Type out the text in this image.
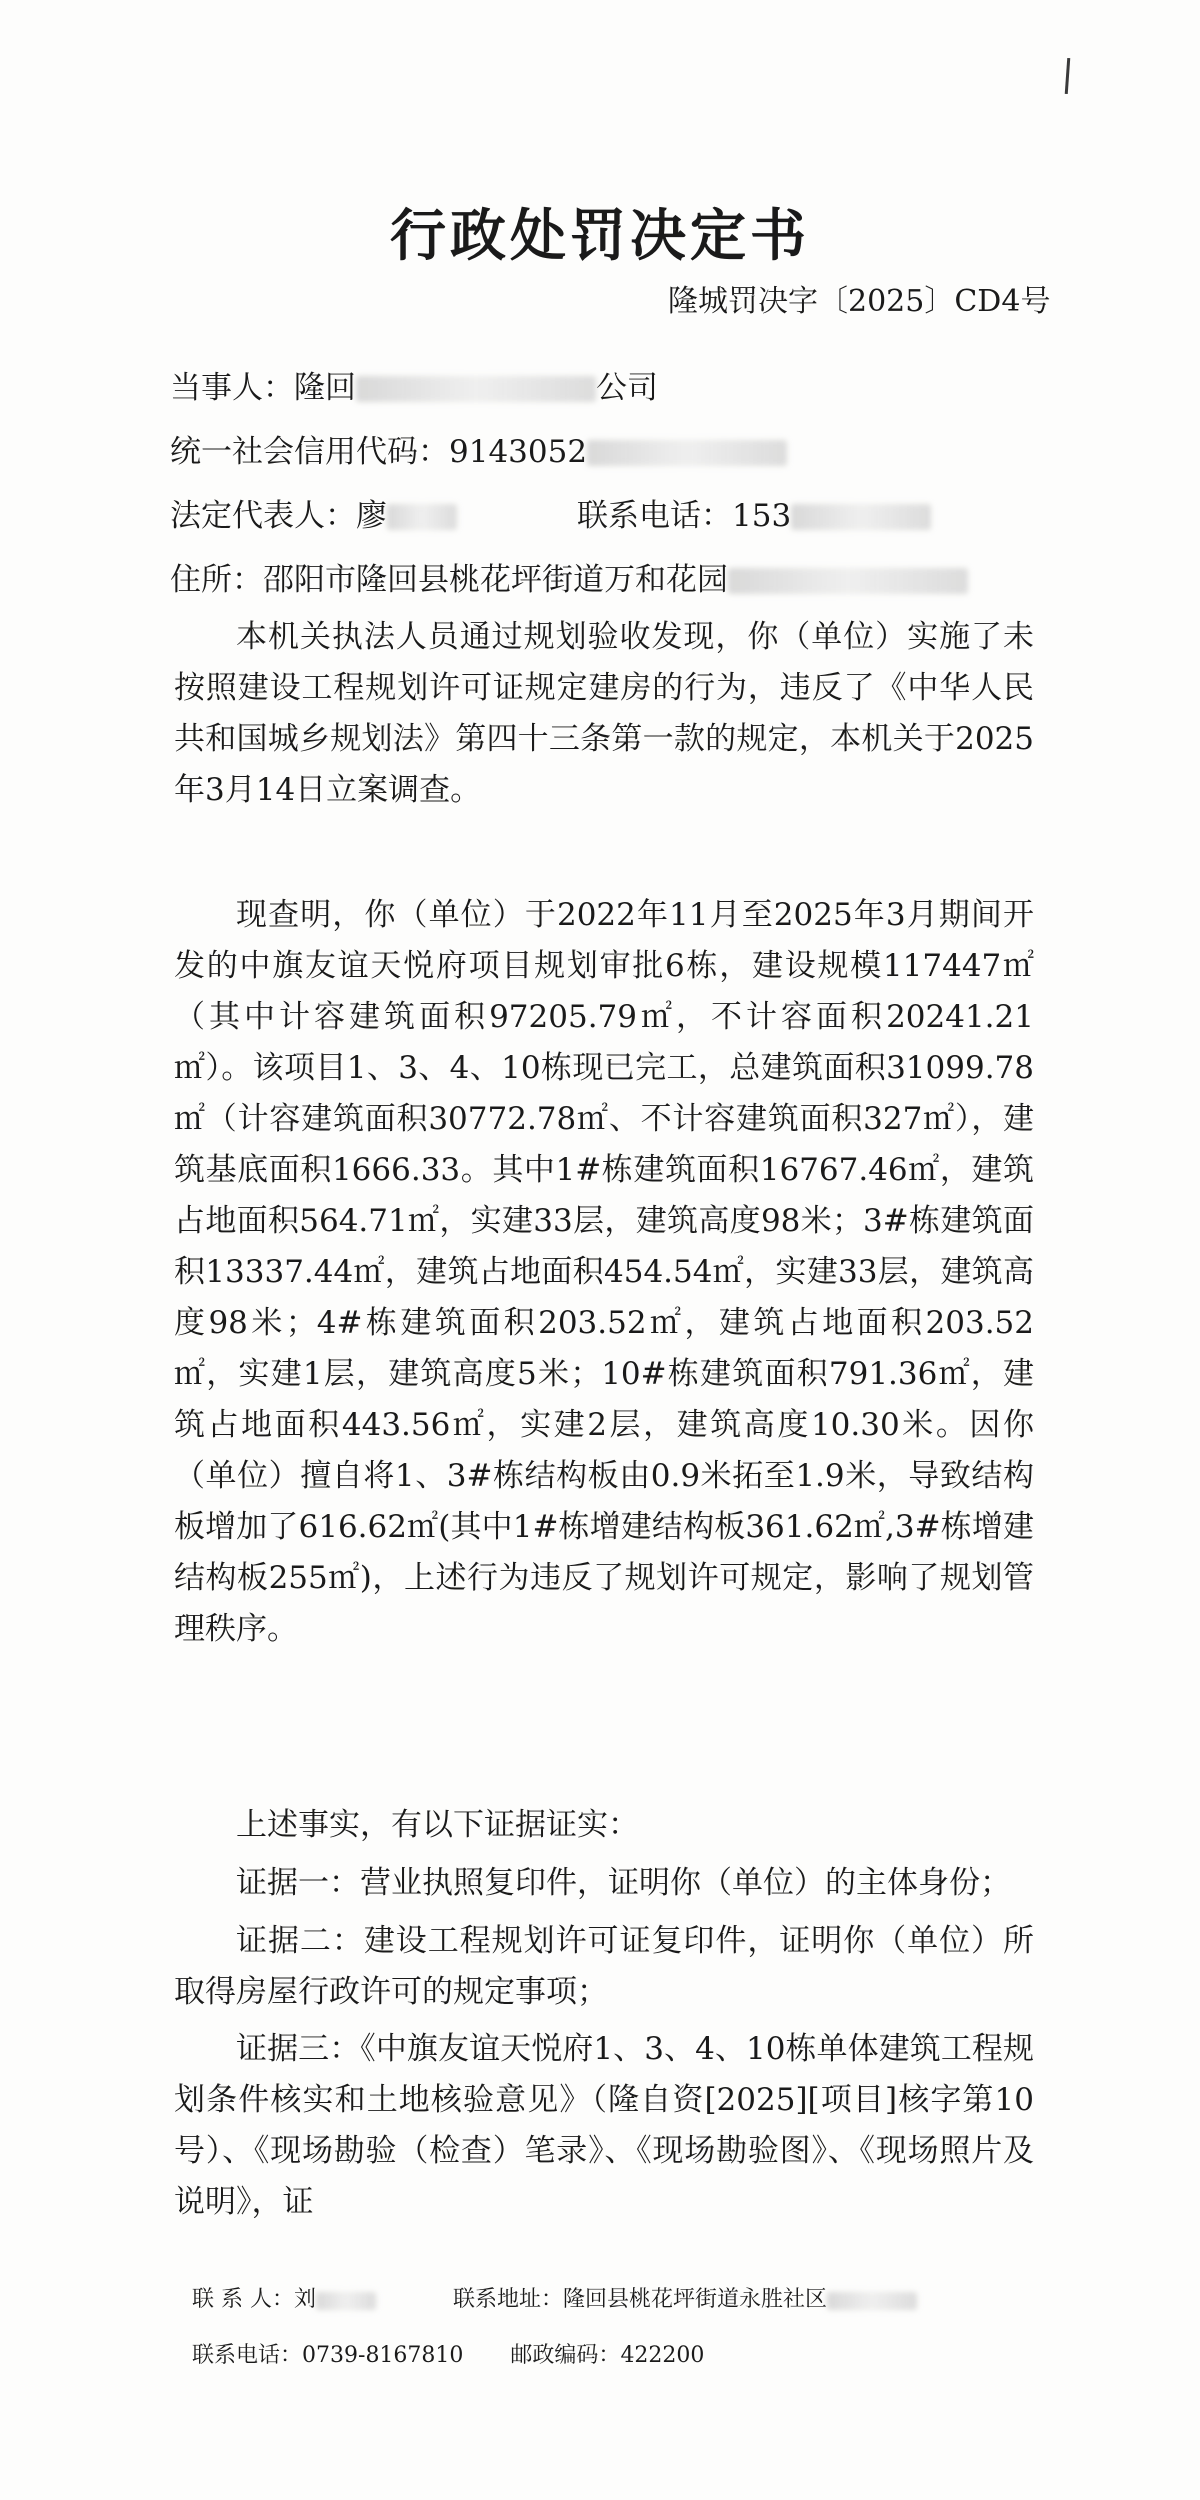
行政处罚决定书

隆城罚决字〔2025〕CD4号

当事人：隆回	公司

统一社会信用代码：9143052

法定代表人：廖	联系电话：153

住所：邵阳市隆回县桃花坪街道万和花园

本机关执法人员通过规划验收发现，你（单位）实施了未按照建设工程规划许可证规定建房的行为，违反了《中华人民共和国城乡规划法》第四十三条第一款的规定，本机关于2025年3月14日立案调查。

现查明，你（单位）于2022年11月至2025年3月期间开发的中旗友谊天悦府项目规划审批6栋，建设规模117447㎡（其中计容建筑面积97205.79㎡，不计容面积20241.21㎡）。该项目1、3、4、10栋现已完工，总建筑面积31099.78㎡（计容建筑面积30772.78㎡、不计容建筑面积327㎡），建筑基底面积1666.33。其中1#栋建筑面积16767.46㎡，建筑占地面积564.71㎡，实建33层，建筑高度98米；3#栋建筑面积13337.44㎡，建筑占地面积454.54㎡，实建33层，建筑高度98米；4#栋建筑面积203.52㎡，建筑占地面积203.52㎡，实建1层，建筑高度5米；10#栋建筑面积791.36㎡，建筑占地面积443.56㎡，实建2层，建筑高度10.30米。因你（单位）擅自将1、3#栋结构板由0.9米拓至1.9米，导致结构板增加了616.62㎡(其中1#栋增建结构板361.62㎡,3#栋增建结构板255㎡)，上述行为违反了规划许可规定，影响了规划管理秩序。

上述事实，有以下证据证实：

证据一：营业执照复印件，证明你（单位）的主体身份；

证据二：建设工程规划许可证复印件，证明你（单位）所取得房屋行政许可的规定事项；

证据三：《中旗友谊天悦府1、3、4、10栋单体建筑工程规划条件核实和土地核验意见》（隆自资[2025][项目]核字第10号）、《现场勘验（检查）笔录》、《现场勘验图》、《现场照片及说明》，证

联 系 人：刘	联系地址：隆回县桃花坪街道永胜社区

联系电话：0739-8167810 邮政编码：422200
